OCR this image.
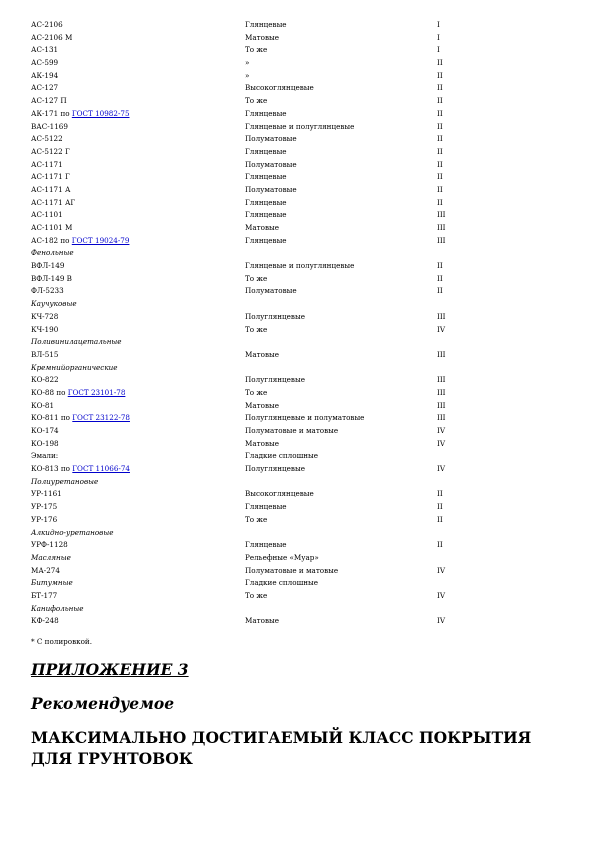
АС-2106	Глянцевые	I
АС-2106 М	Матовые	I
АС-131	То же	I
АС-599	»	II
АК-194	»	II
АС-127	Высокоглянцевые	II
АС-127 П	То же	II
АК-171 по ГОСТ 10982-75	Глянцевые	II
ВАС-1169	Глянцевые и полуглянцевые	II
АС-5122	Полуматовые	II
АС-5122 Г	Глянцевые	II
АС-1171	Полуматовые	II
АС-1171 Г	Глянцевые	II
АС-1171 А	Полуматовые	II
АС-1171 АГ	Глянцевые	II
АС-1101	Глянцевые	III
АС-1101 М	Матовые	III
АС-182 по ГОСТ 19024-79	Глянцевые	III
Фенольные
ВФЛ-149	Глянцевые и полуглянцевые	II
ВФЛ-149 В	То же	II
ФЛ-5233	Полуматовые	II
Каучуковые
КЧ-728	Полуглянцевые	III
КЧ-190	То же	IV
Поливинилацетальные
ВЛ-515	Матовые	III
Кремнийорганические
КО-822	Полуглянцевые	III
КО-88 по ГОСТ 23101-78	То же	III
КО-81	Матовые	III
КО-811 по ГОСТ 23122-78	Полуглянцевые и полуматовые	III
КО-174	Полуматовые и матовые	IV
КО-198	Матовые	IV
Эмали:	Гладкие сплошные
КО-813 по ГОСТ 11066-74	Полуглянцевые	IV
Полиуретановые
УР-1161	Высокоглянцевые	II
УР-175	Глянцевые	II
УР-176	То же	II
Алкидно-уретановые
УРФ-1128	Глянцевые	II
Масляные	Рельефные «Муар»
МА-274	Полуматовые и матовые	IV
Битумные	Гладкие сплошные
БТ-177	То же	IV
Канифольные
КФ-248	Матовые	IV
* С полировкой.
ПРИЛОЖЕНИЕ 3
Рекомендуемое
МАКСИМАЛЬНО ДОСТИГАЕМЫЙ КЛАСС ПОКРЫТИЯ ДЛЯ ГРУНТОВОК
